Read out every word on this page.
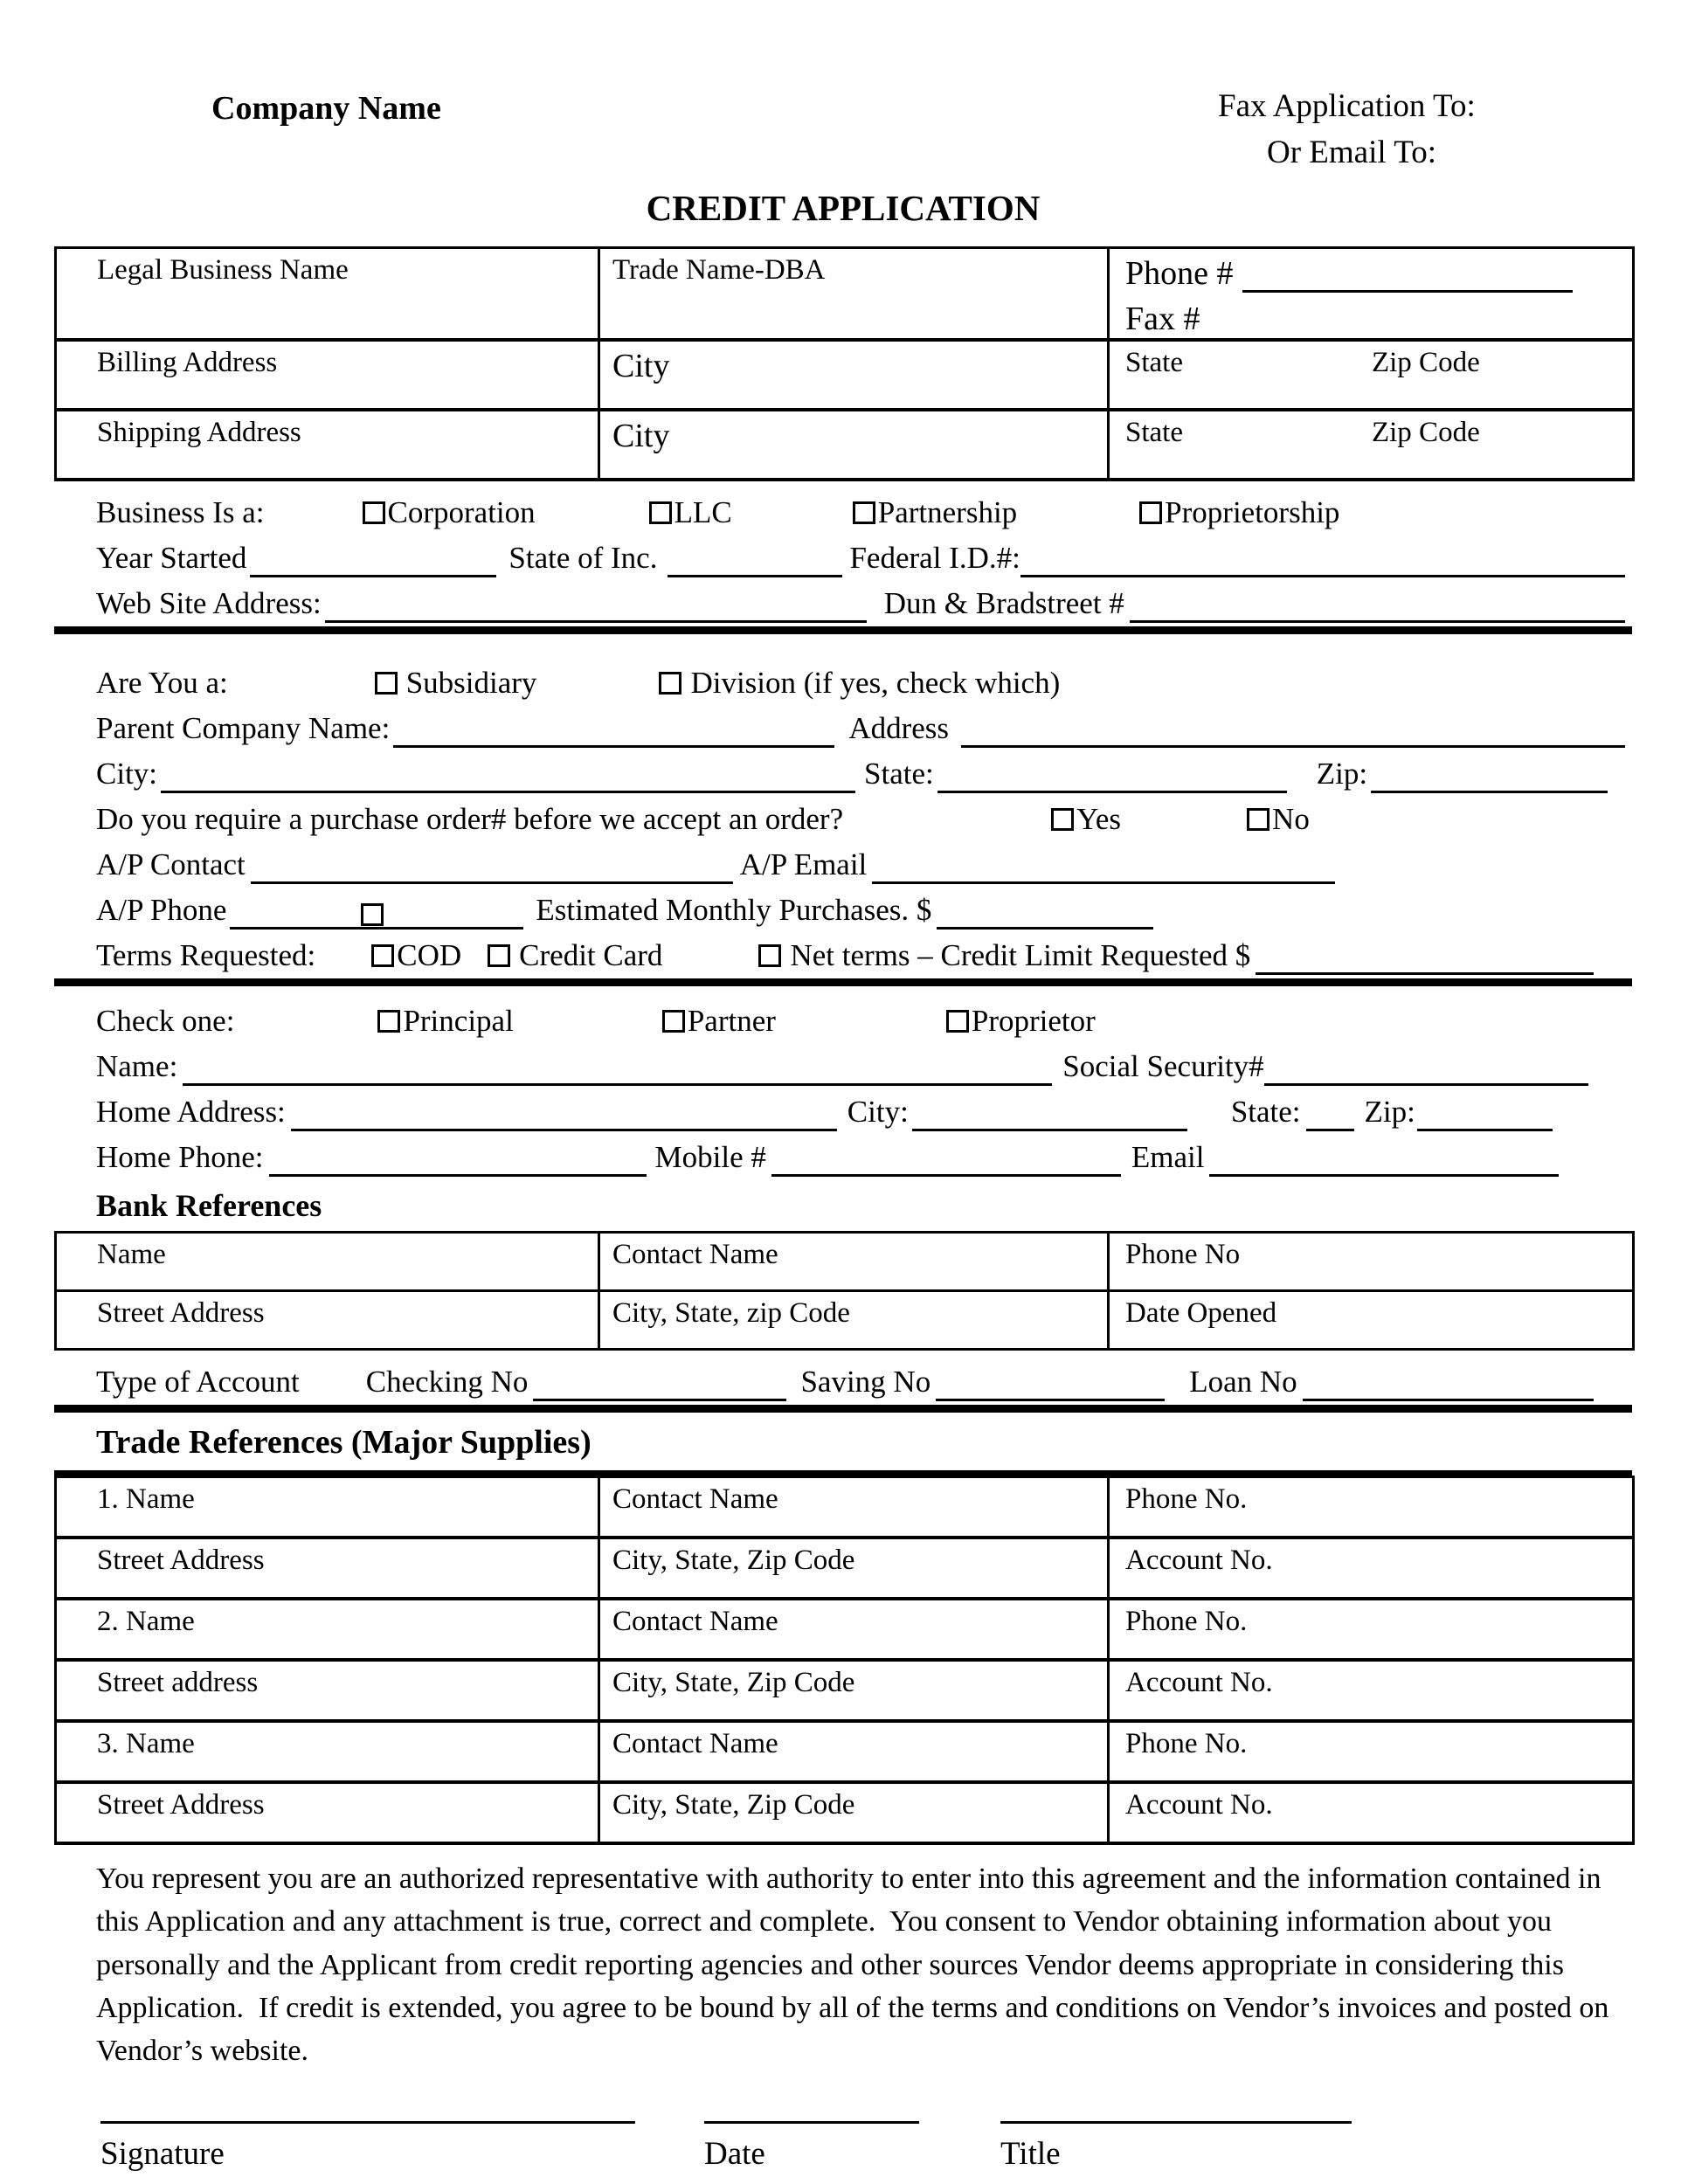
Company Name	Fax Application To:
Or Email To:
CREDIT APPLICATION
Legal Business Name	Trade Name-DBA	Phone #
Fax #

Billing Address	City	State Zip Code

Shipping Address	City	State Zip Code
Business Is a:	Corporation	LLC	Partnership	Proprietorship
Year Started	State of Inc.	Federal I.D.#:
Web Site Address:	Dun & Bradstreet #
Are You a:	Subsidiary	Division (if yes, check which)
Parent Company Name:	Address
City:	State:	Zip:
Do you require a purchase order# before we accept an order?	Yes	No
A/P Contact	A/P Email
A/P Phone	Estimated Monthly Purchases. $
Terms Requested:	COD Credit Card	Net terms – Credit Limit Requested $
Check one:	Principal	Partner	Proprietor
Name:	Social Security#
Home Address:	City:	State: Zip:
Home Phone:	Mobile #	Email
Bank References
Name	Contact Name	Phone No
Street Address	City, State, zip Code	Date Opened
Type of Account Checking No	Saving No	Loan No
Trade References (Major Supplies)
1. Name	Contact Name	Phone No.
Street Address	City, State, Zip Code	Account No.
2. Name	Contact Name	Phone No.
Street address	City, State, Zip Code	Account No.
3. Name	Contact Name	Phone No.
Street Address	City, State, Zip Code	Account No.
You represent you are an authorized representative with authority to enter into this agreement and the information contained in this Application and any attachment is true, correct and complete.  You consent to Vendor obtaining information about you personally and the Applicant from credit reporting agencies and other sources Vendor deems appropriate in considering this Application.  If credit is extended, you agree to be bound by all of the terms and conditions on Vendor’s invoices and posted on Vendor’s website.
Signature	Date	Title
